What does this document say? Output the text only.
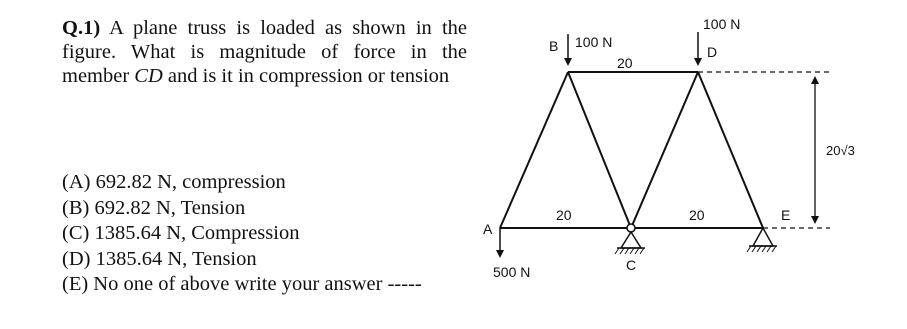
Q.1) A plane truss is loaded as shown in the figure. What is magnitude of force in the member CD and is it in compression or tension
(A) 692.82 N, compression
(B) 692.82 N, Tension
(C) 1385.64 N, Compression
(D) 1385.64 N, Tension
(E) No one of above write your answer -----
B 100 N
20
100 N
D
20√3
A
20	20	E
C
500 N
